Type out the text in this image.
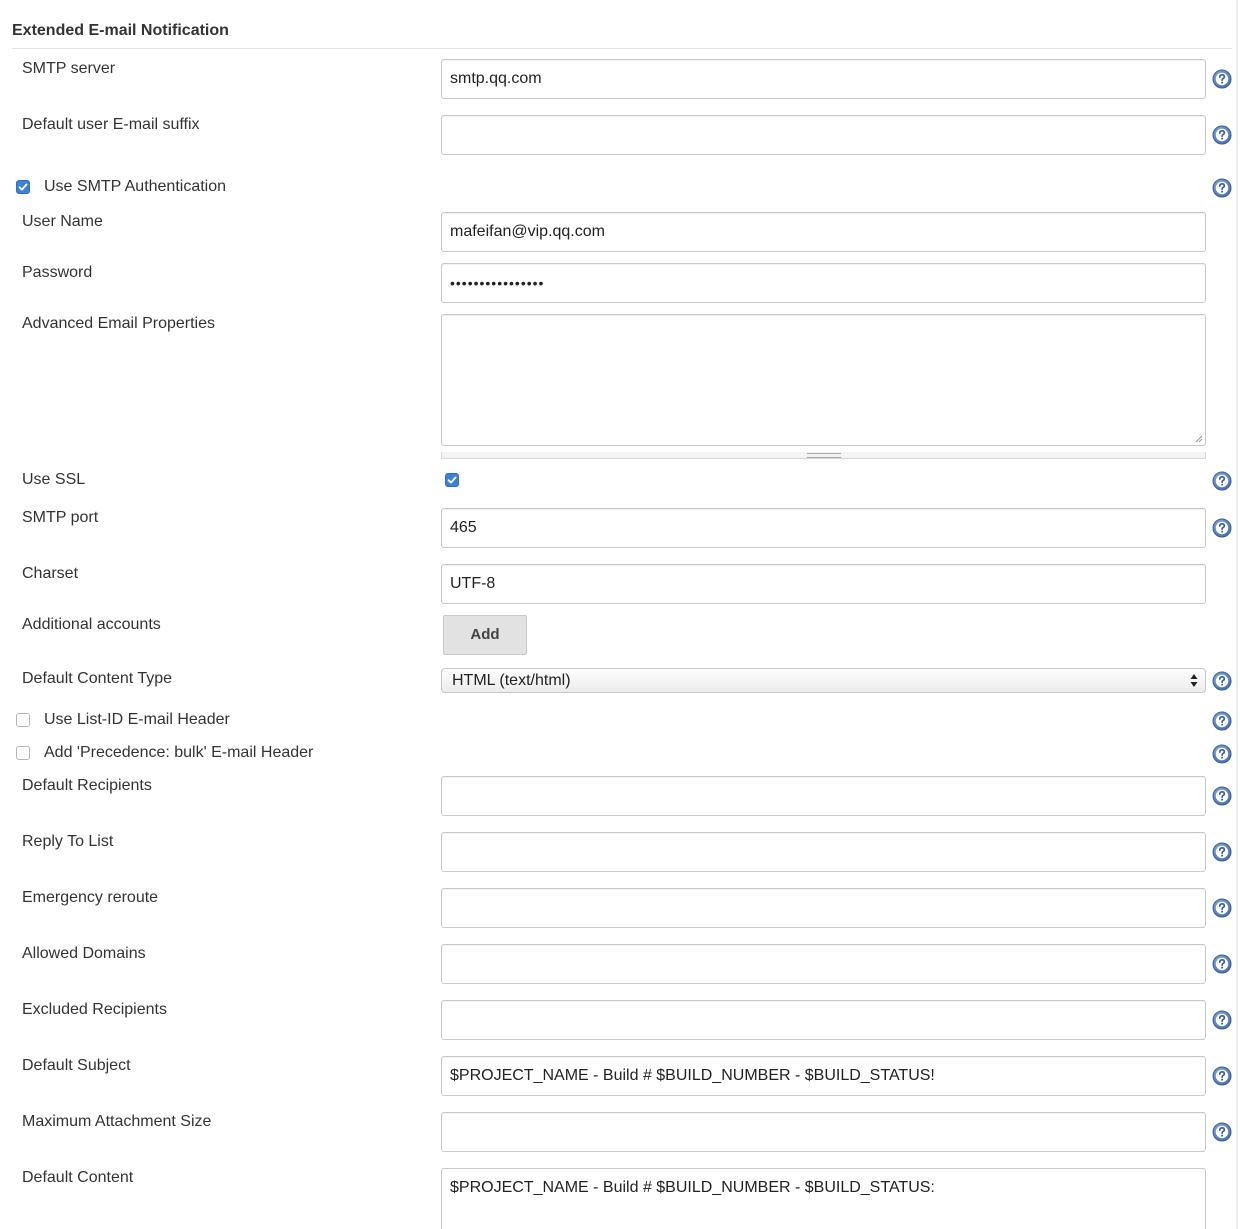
Extended E-mail Notification
SMTP server
smtp.qq.com
Default user E-mail suffix
Use SMTP Authentication
User Name
mafeifan@vip.qq.com
Password
••••••••••••••••
Advanced Email Properties
Use SSL
SMTP port
465
Charset
UTF-8
Additional accounts
Add
Default Content Type	HTML (text/html)
Use List-ID E-mail Header
Add 'Precedence: bulk' E-mail Header
Default Recipients
Reply To List
Emergency reroute
Allowed Domains
Excluded Recipients
Default Subject
$PROJECT_NAME - Build # $BUILD_NUMBER - $BUILD_STATUS!
Maximum Attachment Size
Default Content
$PROJECT_NAME - Build # $BUILD_NUMBER - $BUILD_STATUS:
